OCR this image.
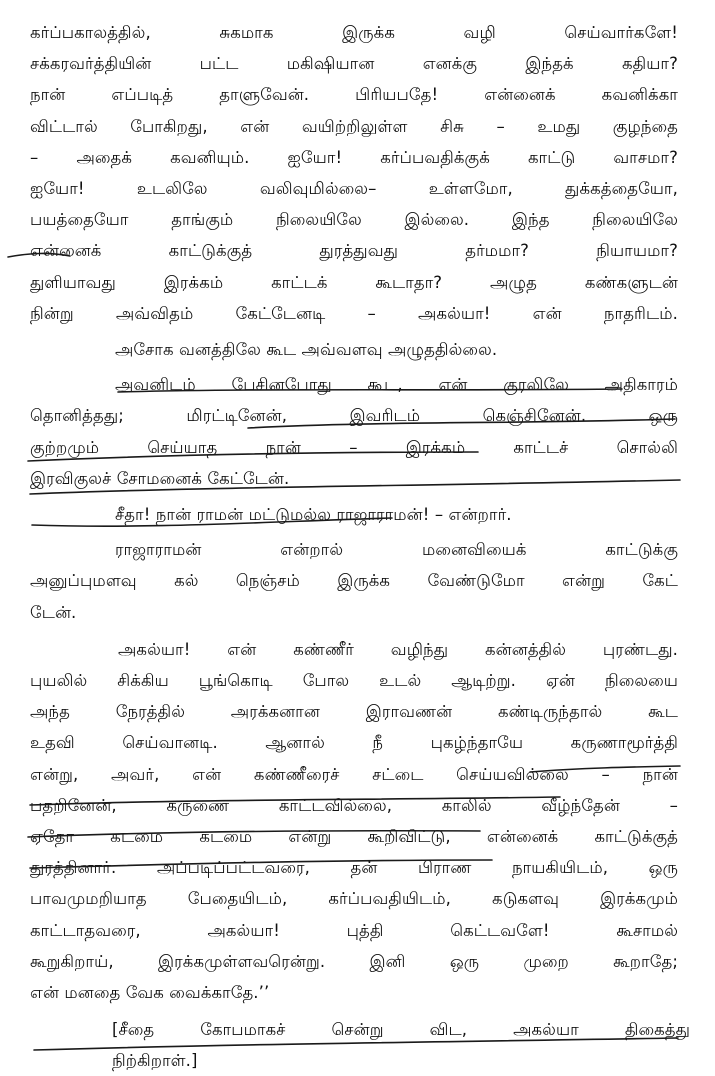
கர்ப்பகாலத்தில், சுகமாக இருக்க வழி செய்வார்களே!
சக்கரவர்த்தியின் பட்ட மகிஷியான எனக்கு இந்தக் கதியா?
நான் எப்படித் தாளுவேன். பிரியபதே! என்னைக் கவனிக்கா
விட்டால் போகிறது, என் வயிற்றிலுள்ள சிசு – உமது குழந்தை
– அதைக் கவனியும். ஐயோ! கர்ப்பவதிக்குக் காட்டு வாசமா?
ஐயோ! உடலிலே வலிவுமில்லை– உள்ளமோ, துக்கத்தையோ,
பயத்தையோ தாங்கும் நிலையிலே இல்லை. இந்த நிலையிலே
என்னைக் காட்டுக்குத் துரத்துவது தர்மமா? நியாயமா?
துளியாவது இரக்கம் காட்டக் கூடாதா? அழுத கண்களுடன்
நின்று அவ்விதம் கேட்டேனடி – அகல்யா! என் நாதரிடம்.
அசோக வனத்திலே கூட அவ்வளவு அழுததில்லை.
அவனிடம் பேசினபோது கூட, என் குரலிலே அதிகாரம்
தொனித்தது; மிரட்டினேன், இவரிடம் கெஞ்சினேன். ஒரு
குற்றமும் செய்யாத நான் – இரக்கம் காட்டச் சொல்லி
இரவிகுலச் சோமனைக் கேட்டேன்.
சீதா! நான் ராமன் மட்டுமல்ல ராஜாராமன்! – என்றார்.
ராஜாராமன் என்றால் மனைவியைக் காட்டுக்கு
அனுப்புமளவு கல் நெஞ்சம் இருக்க வேண்டுமோ என்று கேட்
டேன்.
அகல்யா! என் கண்ணீர் வழிந்து கன்னத்தில் புரண்டது.
புயலில் சிக்கிய பூங்கொடி போல உடல் ஆடிற்று. ஏன் நிலையை
அந்த நேரத்தில் அரக்கனான இராவணன் கண்டிருந்தால் கூட
உதவி செய்வானடி. ஆனால் நீ புகழ்ந்தாயே கருணாமூர்த்தி
என்று, அவர், என் கண்ணீரைச் சட்டை செய்யவில்லை – நான்
பதறினேன், கருணை காட்டவில்லை, காலில் வீழ்ந்தேன் –
ஏதோ கடமை கடமை என்று கூறிவிட்டு, என்னைக் காட்டுக்குத்
துரத்தினார். அப்படிப்பட்டவரை, தன் பிராண நாயகியிடம், ஒரு
பாவமுமறியாத பேதையிடம், கர்ப்பவதியிடம், கடுகளவு இரக்கமும்
காட்டாதவரை, அகல்யா! புத்தி கெட்டவளே! கூசாமல்
கூறுகிறாய், இரக்கமுள்ளவரென்று. இனி ஒரு முறை கூறாதே;
என் மனதை வேக வைக்காதே.’’
[சீதை கோபமாகச் சென்று விட, அகல்யா திகைத்து
நிற்கிறாள்.]
